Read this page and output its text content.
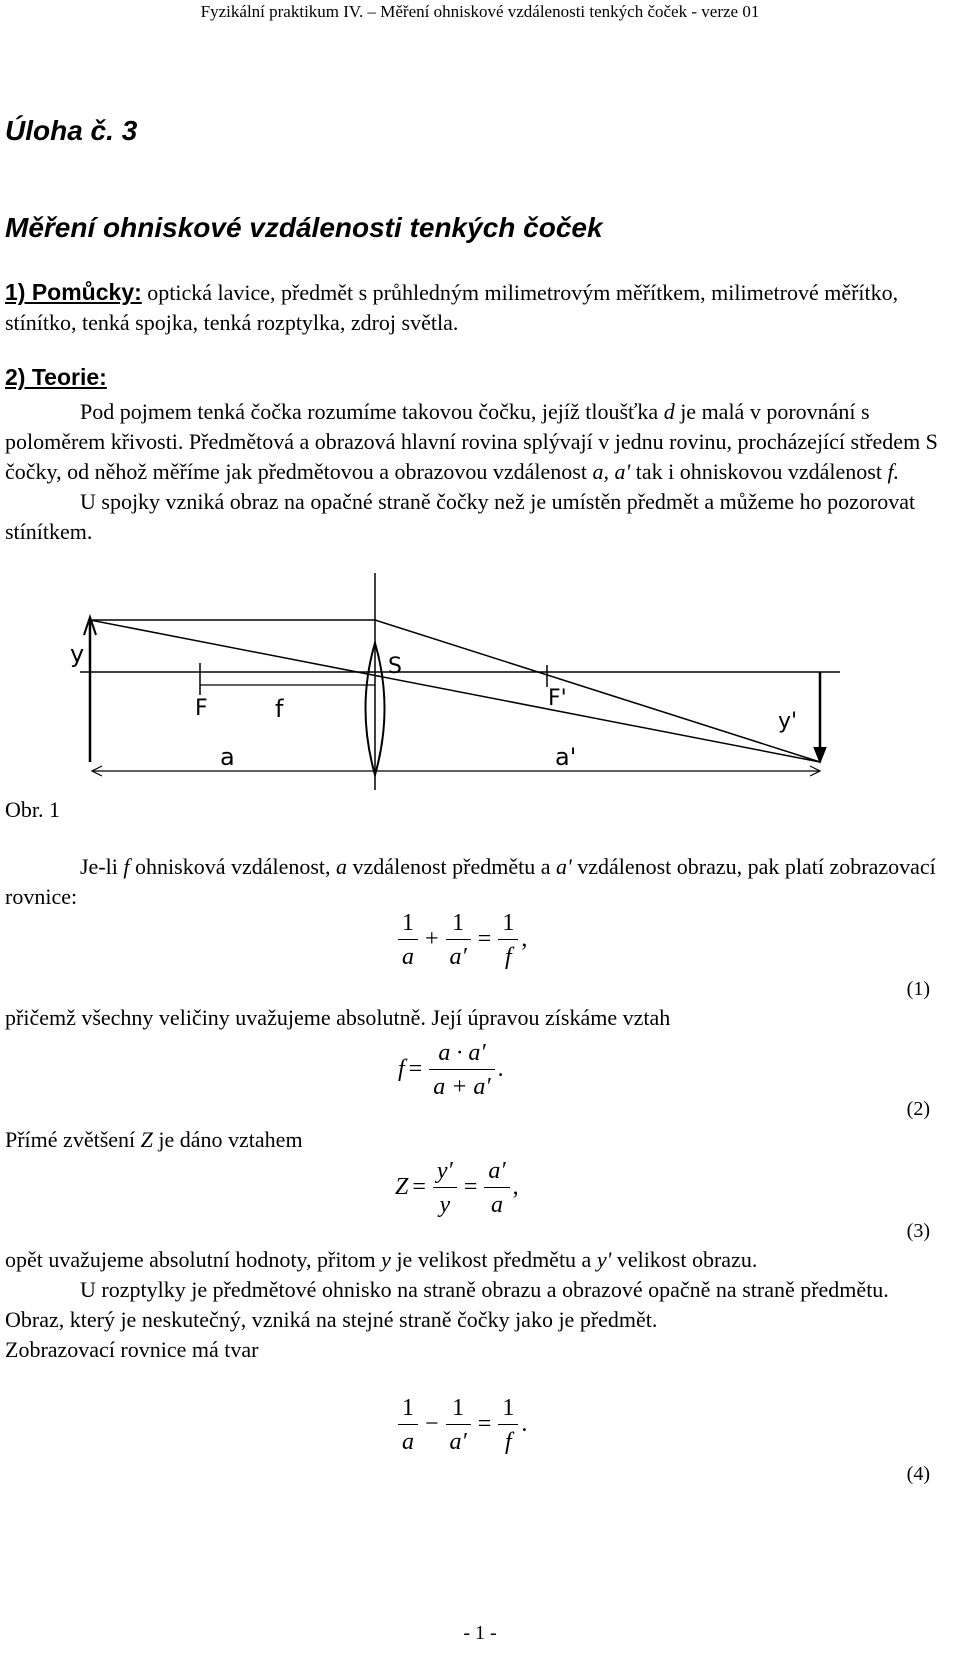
Fyzikální praktikum IV. – Měření ohniskové vzdálenosti tenkých čoček - verze 01
Úloha č. 3
Měření ohniskové vzdálenosti tenkých čoček

1) Pomůcky: optická lavice, předmět s průhledným milimetrovým měřítkem, milimetrové měřítko, stínítko, tenká spojka, tenká rozptylka, zdroj světla.

2) Teorie:

Pod pojmem tenká čočka rozumíme takovou čočku, jejíž tloušťka d je malá v porovnání s poloměrem křivosti. Předmětová a obrazová hlavní rovina splývají v jednu rovinu, procházející středem S čočky, od něhož měříme jak předmětovou a obrazovou vzdálenost a, a' tak i ohniskovou vzdálenost f.

U spojky vzniká obraz na opačné straně čočky než je umístěn předmět a můžeme ho pozorovat stínítkem.

y	S
F	f	F'
y'
a	a'
Obr. 1

Je-li f ohnisková vzdálenost, a vzdálenost předmětu a a' vzdálenost obrazu, pak platí zobrazovací rovnice:

$\frac{1}{a} + \frac{1}{a'} = \frac{1}{f}$ ,
(1)
přičemž všechny veličiny uvažujeme absolutně. Její úpravou získáme vztah
$f = \frac{a \cdot a'}{a + a'}$ .
(2)
Přímé zvětšení Z je dáno vztahem
$Z = \frac{y'}{y} = \frac{a'}{a}$ ,
(3)
opět uvažujeme absolutní hodnoty, přitom y je velikost předmětu a y' velikost obrazu.

U rozptylky je předmětové ohnisko na straně obrazu a obrazové opačně na straně předmětu. Obraz, který je neskutečný, vzniká na stejné straně čočky jako je předmět.

Zobrazovací rovnice má tvar

$\frac{1}{a} - \frac{1}{a'} = \frac{1}{f}$ .
(4)
- 1 -
